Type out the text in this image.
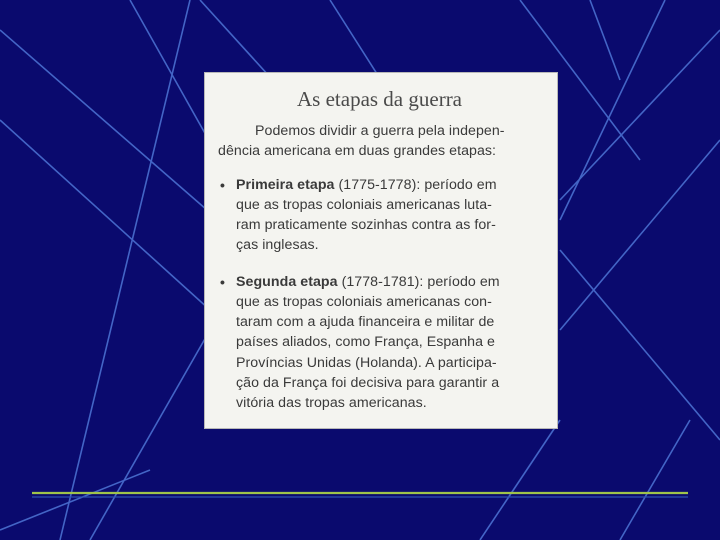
As etapas da guerra
Podemos dividir a guerra pela indepen-
dência americana em duas grandes etapas:
• Primeira etapa (1775-1778): período em
que as tropas coloniais americanas luta-
ram praticamente sozinhas contra as for-
ças inglesas.
• Segunda etapa (1778-1781): período em
que as tropas coloniais americanas con-
taram com a ajuda financeira e militar de
países aliados, como França, Espanha e
Províncias Unidas (Holanda). A participa-
ção da França foi decisiva para garantir a
vitória das tropas americanas.
